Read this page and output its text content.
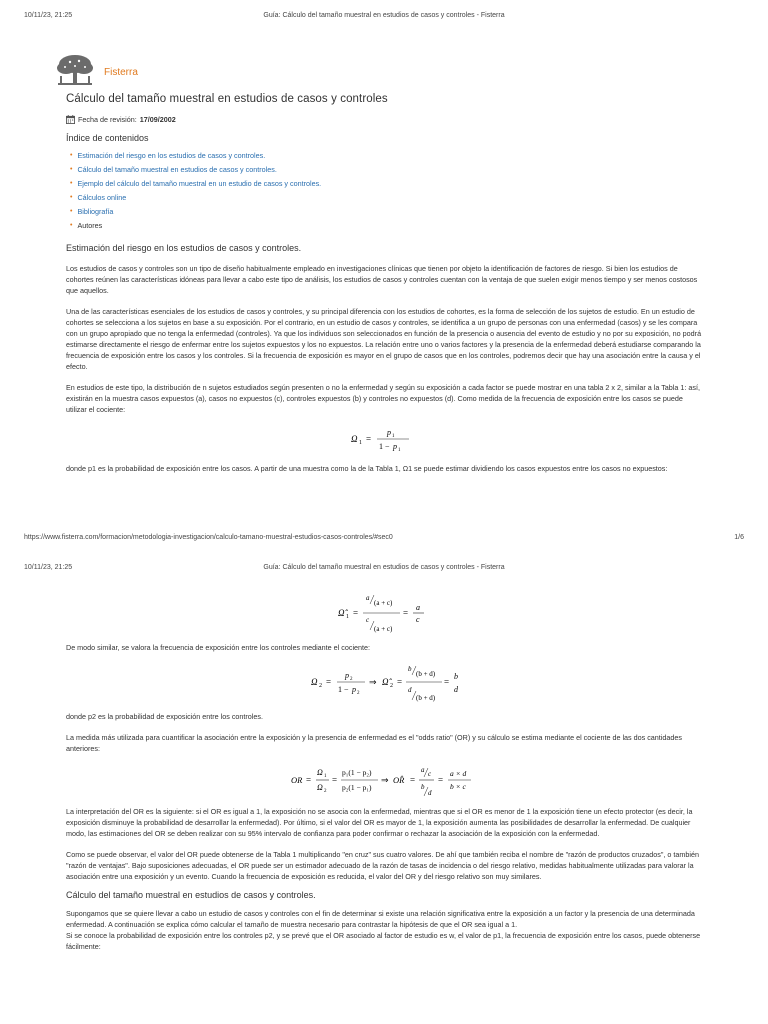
10/11/23, 21:25	Guía: Cálculo del tamaño muestral en estudios de casos y controles - Fisterra
Fisterra
Cálculo del tamaño muestral en estudios de casos y controles
Fecha de revisión: 17/09/2002
Índice de contenidos
• Estimación del riesgo en los estudios de casos y controles.
• Cálculo del tamaño muestral en estudios de casos y controles.
• Ejemplo del cálculo del tamaño muestral en un estudio de casos y controles.
• Cálculos online
• Bibliografía
• Autores
Estimación del riesgo en los estudios de casos y controles.

Los estudios de casos y controles son un tipo de diseño habitualmente empleado en investigaciones clínicas que tienen por objeto la identificación de factores de riesgo. Si bien los estudios de cohortes reúnen las características idóneas para llevar a cabo este tipo de análisis, los estudios de casos y controles cuentan con la ventaja de que suelen exigir menos tiempo y ser menos costosos que aquellos.

Una de las características esenciales de los estudios de casos y controles, y su principal diferencia con los estudios de cohortes, es la forma de selección de los sujetos de estudio. En un estudio de cohortes se selecciona a los sujetos en base a su exposición. Por el contrario, en un estudio de casos y controles, se identifica a un grupo de personas con una enfermedad (casos) y se les compara con un grupo apropiado que no tenga la enfermedad (controles). Ya que los individuos son seleccionados en función de la presencia o ausencia del evento de estudio y no por su exposición, no podrá estimarse directamente el riesgo de enfermar entre los sujetos expuestos y los no expuestos. La relación entre uno o varios factores y la presencia de la enfermedad deberá estudiarse comparando la frecuencia de exposición entre los casos y los controles. Si la frecuencia de exposición es mayor en el grupo de casos que en los controles, podremos decir que hay una asociación entre la causa y el efecto.

En estudios de este tipo, la distribución de n sujetos estudiados según presenten o no la enfermedad y según su exposición a cada factor se puede mostrar en una tabla 2 x 2, similar a la Tabla 1: así, existirán en la muestra casos expuestos (a), casos no expuestos (c), controles expuestos (b) y controles no expuestos (d). Como medida de la frecuencia de exposición entre los casos se puede utilizar el cociente:

Ω 1 =
p 1
1 − p 1

donde p1 es la probabilidad de exposición entre los casos. A partir de una muestra como la de la Tabla 1, Ω1 se puede estimar dividiendo los casos expuestos entre los casos no expuestos:

https://www.fisterra.com/formacion/metodologia-investigacion/calculo-tamano-muestral-estudios-casos-controles/#sec0	1/6
10/11/23, 21:25	Guía: Cálculo del tamaño muestral en estudios de casos y controles - Fisterra
Ω̂ 1 =
a
(a + c)
c
(a + c)
=
a
c

De modo similar, se valora la frecuencia de exposición entre los controles mediante el cociente:

Ω 2 =
p 2
1 − p 2
⇒ Ω̂ 2 =
b
(b + d)
d
(b + d)
=
b
d

donde p2 es la probabilidad de exposición entre los controles.

La medida más utilizada para cuantificar la asociación entre la exposición y la presencia de enfermedad es el "odds ratio" (OR) y su cálculo se estima mediante el cociente de las dos cantidades anteriores:

OR =
Ω 1
Ω 2
=
p₁(1 − p₂)
p₂(1 − p₁)
⇒ OR̂ =
a c
b
d
=
a × d
b × c

La interpretación del OR es la siguiente: si el OR es igual a 1, la exposición no se asocia con la enfermedad, mientras que si el OR es menor de 1 la exposición tiene un efecto protector (es decir, la exposición disminuye la probabilidad de desarrollar la enfermedad). Por último, si el valor del OR es mayor de 1, la exposición aumenta las posibilidades de desarrollar la enfermedad. De cualquier modo, las estimaciones del OR se deben realizar con su 95% intervalo de confianza para poder confirmar o rechazar la asociación de la exposición con la enfermedad.

Como se puede observar, el valor del OR puede obtenerse de la Tabla 1 multiplicando "en cruz" sus cuatro valores. De ahí que también reciba el nombre de "razón de productos cruzados", o también "razón de ventajas". Bajo suposiciones adecuadas, el OR puede ser un estimador adecuado de la razón de tasas de incidencia o del riesgo relativo, medidas habitualmente utilizadas para valorar la asociación entre una exposición y un evento. Cuando la frecuencia de exposición es reducida, el valor del OR y del riesgo relativo son muy similares.

Cálculo del tamaño muestral en estudios de casos y controles.

Supongamos que se quiere llevar a cabo un estudio de casos y controles con el fin de determinar si existe una relación significativa entre la exposición a un factor y la presencia de una determinada enfermedad. A continuación se explica cómo calcular el tamaño de muestra necesario para contrastar la hipótesis de que el OR sea igual a 1.

Si se conoce la probabilidad de exposición entre los controles p2, y se prevé que el OR asociado al factor de estudio es w, el valor de p1, la frecuencia de exposición entre los casos, puede obtenerse fácilmente:
